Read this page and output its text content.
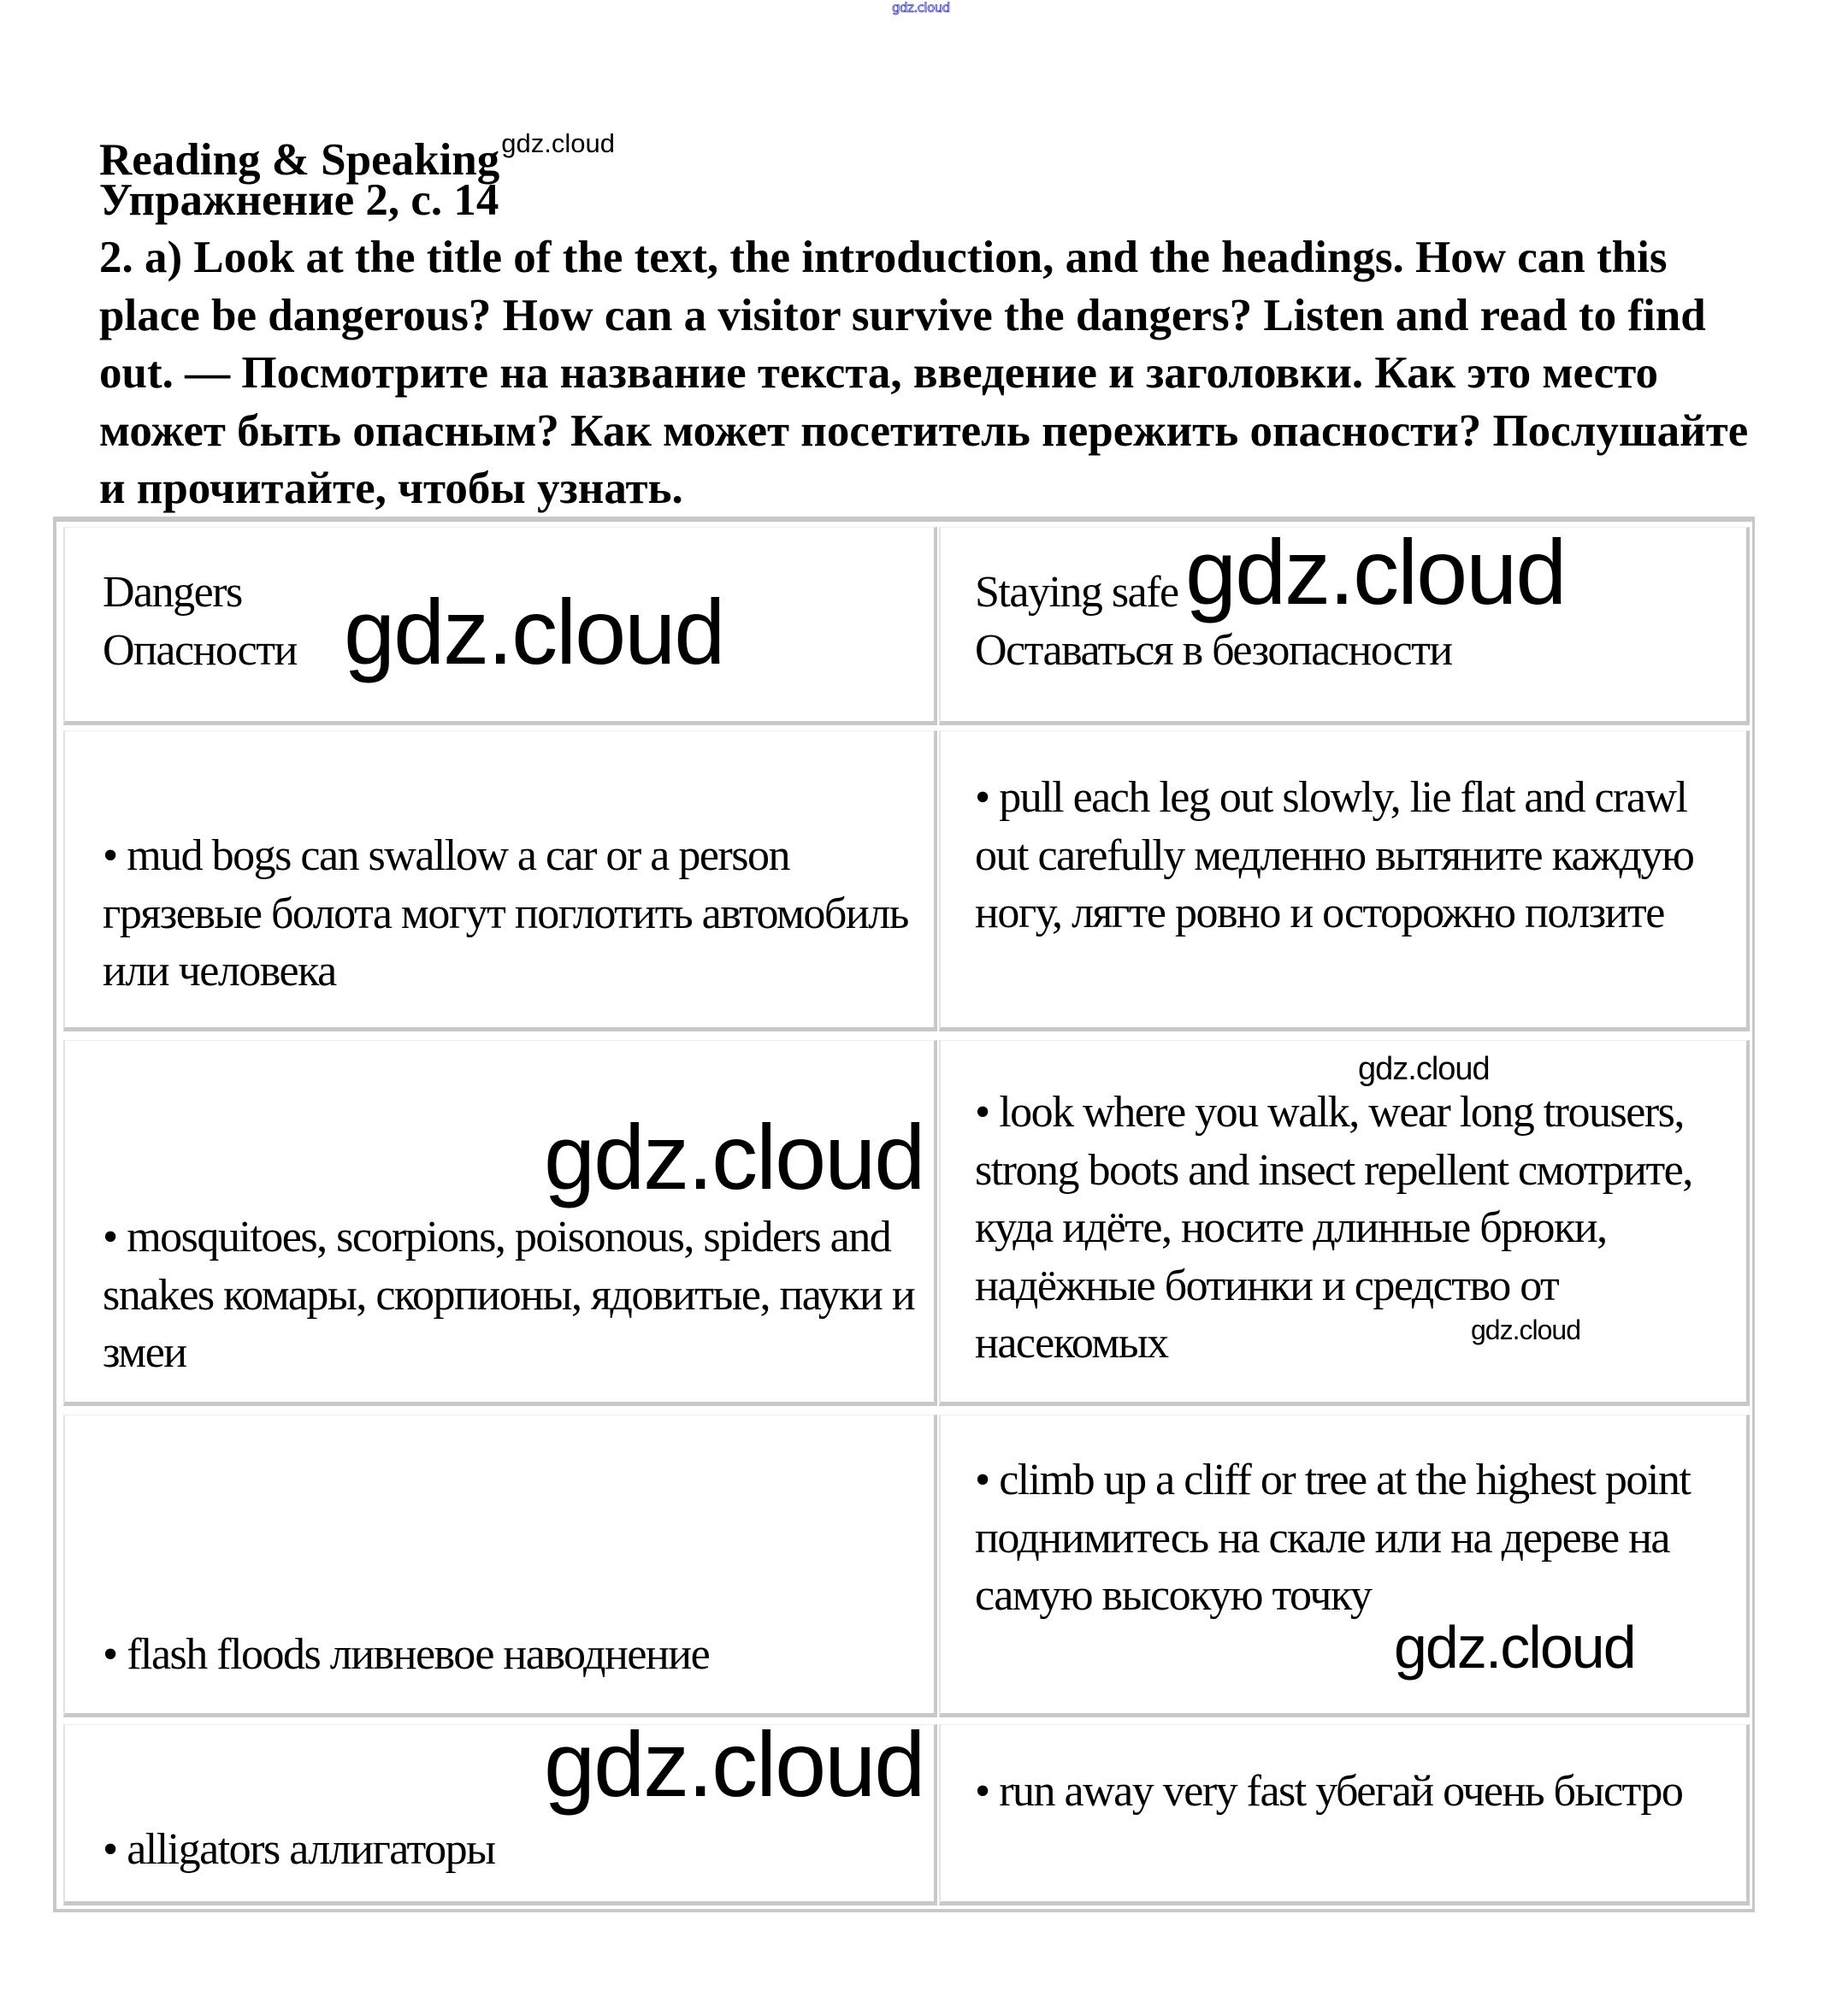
gdz.cloud
Reading & Speaking$^{gdz.cloud}$
Упражнение 2, с. 14

2. a) Look at the title of the text, the introduction, and the headings. How can this place be dangerous? How can a visitor survive the dangers? Listen and read to find out. — Посмотрите на название текста, введение и заголовки. Как это место может быть опасным? Как может посетитель пережить опасности? Послушайте и прочитайте, чтобы узнать.

Dangers
Опасности gdz.cloud	Staying safe
Оставаться в безопасности
gdz.cloud

• mud bogs can swallow a car or a person грязевые болота могут поглотить автомобиль или человека

• pull each leg out slowly, lie flat and crawl out carefully медленно вытяните каждую ногу, лягте ровно и осторожно ползите

gdz.cloud

• mosquitoes, scorpions, poisonous, spiders and snakes комары, скорпионы, ядовитые, пауки и змеи

gdz.cloud

• look where you walk, wear long trousers, strong boots and insect repellent смотрите, куда идёте, носите длинные брюки, надёжные ботинки и средство от насекомых	gdz.cloud

• flash floods ливневое наводнение

• climb up a cliff or tree at the highest point поднимитесь на скале или на дереве на самую высокую точку

gdz.cloud
gdz.cloud

• alligators аллигаторы

• run away very fast убегай очень быстро
